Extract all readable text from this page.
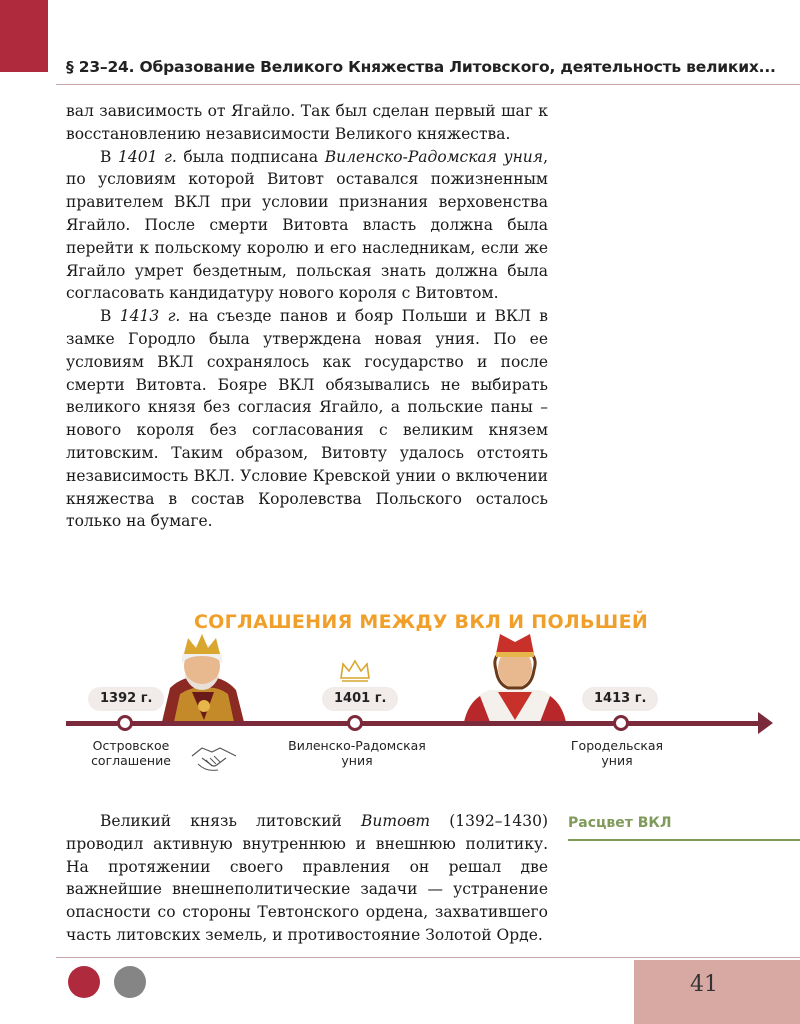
§ 23–24. Образование Великого Княжества Литовского, деятельность великих...

вал зависимость от Ягайло. Так был сделан первый шаг к восстановлению независимости Великого княжества.

В 1401 г. была подписана Виленско-Радомская уния, по условиям которой Витовт оставался пожизненным правителем ВКЛ при условии признания верховенства Ягайло. После смерти Витовта власть должна была перейти к польскому королю и его наследникам, если же Ягайло умрет бездетным, польская знать должна была согласовать кандидатуру нового короля с Витовтом.

В 1413 г. на съезде панов и бояр Польши и ВКЛ в замке Городло была утверждена новая уния. По ее условиям ВКЛ сохранялось как государство и после смерти Витовта. Бояре ВКЛ обязывались не выбирать великого князя без согласия Ягайло, а польские паны – нового короля без согласования с великим князем литовским. Таким образом, Витовту удалось отстоять независимость ВКЛ. Условие Кревской унии о включении княжества в состав Королевства Польского осталось только на бумаге.

СОГЛАШЕНИЯ МЕЖДУ ВКЛ И ПОЛЬШЕЙ
1392 г.	1401 г.	1413 г.
Островское
соглашение
Виленско-Радомская
уния
Городельская
уния

Великий князь литовский Витовт (1392–1430) проводил активную внутреннюю и внешнюю политику. На протяжении своего правления он решал две важнейшие внешнеполитические задачи — устранение опасности со стороны Тевтонского ордена, захватившего часть литовских земель, и противостояние Золотой Орде.

Расцвет ВКЛ
41
